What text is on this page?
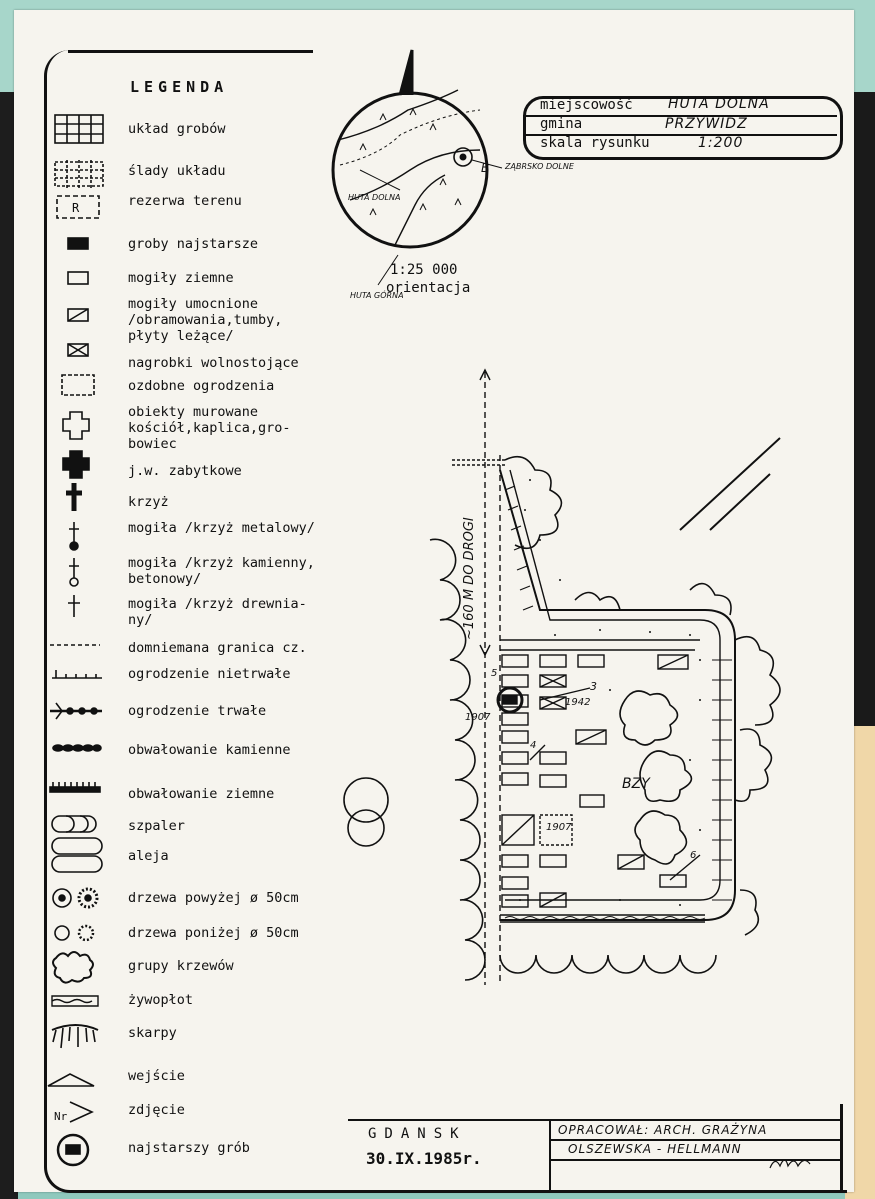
LEGENDA
układ grobów
ślady układu
rezerwa terenu
groby najstarsze
mogiły ziemne
mogiły umocnione
/obramowania,tumby,
płyty leżące/
nagrobki wolnostojące
ozdobne ogrodzenia
obiekty murowane
kościół,kaplica,gro-
bowiec
j.w. zabytkowe
krzyż
mogiła /krzyż metalowy/
mogiła /krzyż kamienny,
betonowy/
mogiła /krzyż drewnia-
ny/
domniemana granica cz.
ogrodzenie nietrwałe
ogrodzenie trwałe
obwałowanie kamienne
obwałowanie ziemne
szpaler
aleja
drzewa powyżej ø 50cm
drzewa poniżej ø 50cm
grupy krzewów
żywopłot
skarpy
wejście
zdjęcie
najstarszy grób
R
Nr
miejscowość	HUTA DOLNA
gmina	PRZYWIDZ
skala rysunku	1:200
B
HUTA DOLNA
ZĄBRSKO DOLNE
HUTA GÓRNA
1:25 000
orientacja
~160 M DO DROGI
BZY
1907
1907
1942
5
4
3
6
GDANSK
30.IX.1985r.
OPRACOWAŁ: ARCH. GRAŻYNA
OLSZEWSKA - HELLMANN
